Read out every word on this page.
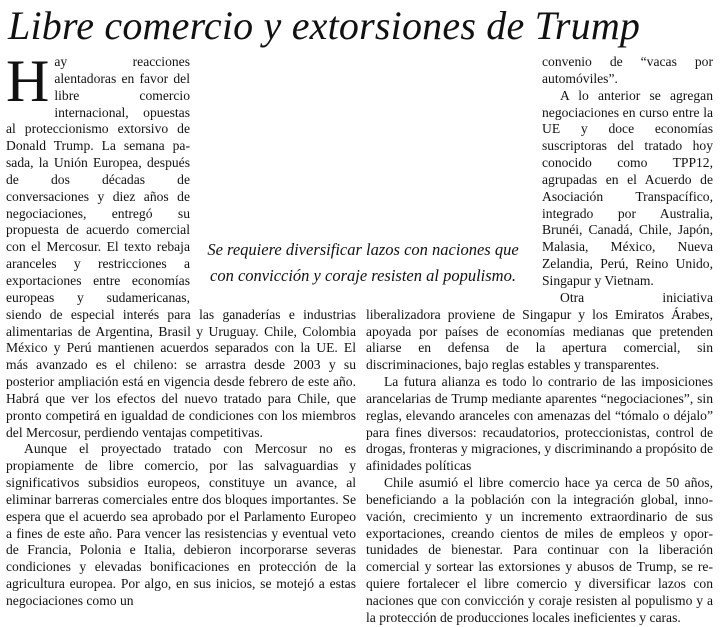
Libre comercio y extorsiones de Trump

Hay reacciones alentadoras en favor del libre comercio internacional, opuestas al proteccionismo extorsivo de Donald Trump. La semana pasada, la Unión Europea, después de dos décadas de conversaciones y diez años de negociaciones, entregó su propuesta de acuerdo comercial con el Mercosur. El texto rebaja aranceles y restricciones a exportaciones entre economías europeas y sudamericanas, siendo de especial interés para las ganaderías e industrias alimentarias de Argentina, Brasil y Uruguay. Chile, Colombia México y Perú mantienen acuerdos separados con la UE. El más avanzado es el chileno: se arrastra desde 2003 y su posterior ampliación está en vigencia desde febrero de este año. Habrá que ver los efectos del nuevo tratado para Chile, que pronto competirá en igualdad de condiciones con los miembros del Mercosur, perdiendo ventajas competitivas.

Aunque el proyectado tratado con Mercosur no es propiamente de libre comercio, por las salvaguardias y significativos subsidios europeos, constituye un avance, al eliminar barreras comerciales entre dos bloques importantes. Se espera que el acuerdo sea aprobado por el Parlamento Europeo a fines de este año. Para vencer las resistencias y eventual veto de Francia, Polonia e Italia, debieron incorporarse severas condiciones y elevadas bonificaciones en protección de la agricultura europea. Por algo, en sus inicios, se motejó a estas negociaciones como un

convenio de “vacas por automóviles”.

A lo anterior se agregan negociaciones en curso entre la UE y doce economías suscriptoras del tratado hoy conocido como TPP12, agrupadas en el Acuerdo de Asociación Transpacífico, integrado por Australia, Brunéi, Canadá, Chile, Japón, Malasia, México, Nueva Zelandia, Perú, Reino Unido, Singapur y Vietnam.

Otra iniciativa liberalizadora proviene de Singapur y los Emiratos Árabes, apoyada por países de economías medianas que pretenden aliarse en defensa de la apertura comercial, sin discriminaciones, bajo reglas estables y transparentes.

La futura alianza es todo lo contrario de las imposiciones arancelarias de Trump mediante aparentes “negociaciones”, sin reglas, elevando aranceles con amenazas del “tómalo o déjalo” para fines diversos: recaudatorios, proteccionistas, control de drogas, fronteras y migraciones, y discriminando a propósito de afinidades políticas

Chile asumió el libre comercio hace ya cerca de 50 años, beneficiando a la población con la integración global, innovación, crecimiento y un incremento extraordinario de sus exportaciones, creando cientos de miles de empleos y oportunidades de bienestar. Para continuar con la liberación comercial y sortear las extorsiones y abusos de Trump, se requiere fortalecer el libre comercio y diversificar lazos con naciones que con convicción y coraje resisten al populismo y a la protección de producciones locales ineficientes y caras.

Se requiere diversificar lazos con naciones que
con convicción y coraje resisten al populismo.
